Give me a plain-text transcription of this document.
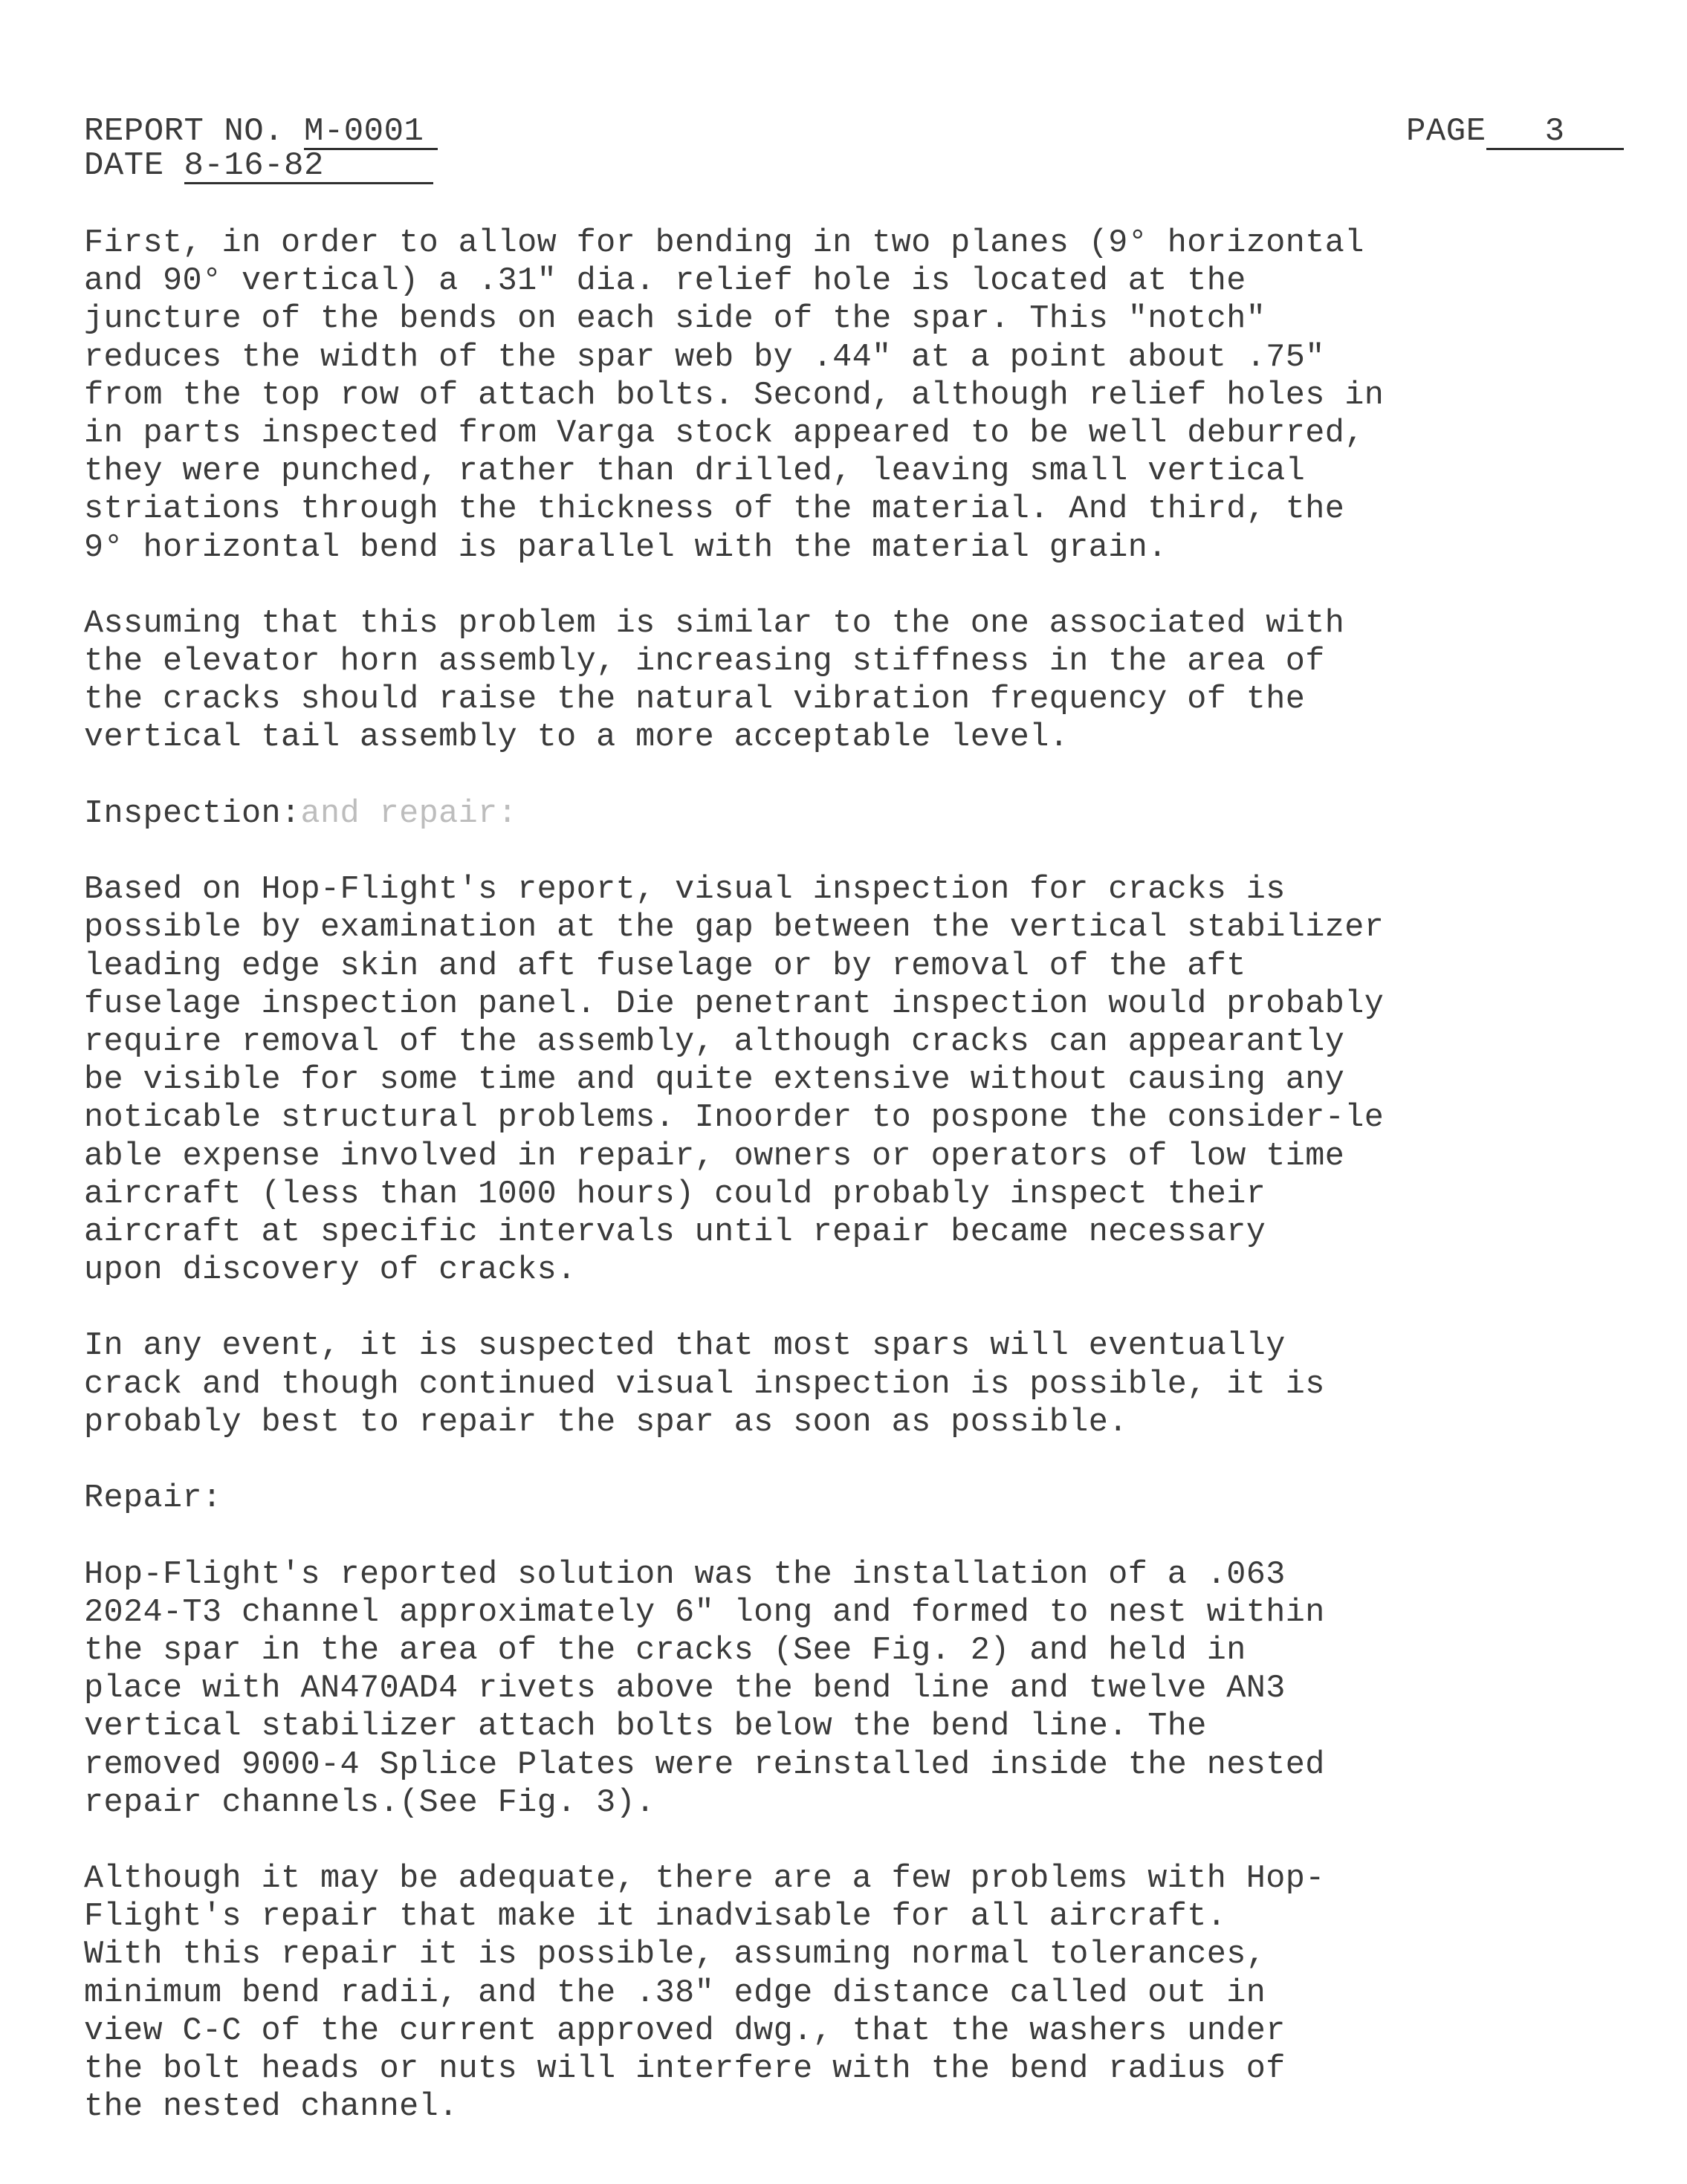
REPORT NO. M-0001
DATE 8-16-82
PAGE 3
First, in order to allow for bending in two planes (9° horizontal
and 90° vertical) a .31" dia. relief hole is located at the
juncture of the bends on each side of the spar. This "notch"
reduces the width of the spar web by .44" at a point about .75"
from the top row of attach bolts. Second, although relief holes in
in parts inspected from Varga stock appeared to be well deburred,
they were punched, rather than drilled, leaving small vertical
striations through the thickness of the material. And third, the
9° horizontal bend is parallel with the material grain.
Assuming that this problem is similar to the one associated with
the elevator horn assembly, increasing stiffness in the area of
the cracks should raise the natural vibration frequency of the
vertical tail assembly to a more acceptable level.
Inspection:and repair:
Based on Hop-Flight's report, visual inspection for cracks is
possible by examination at the gap between the vertical stabilizer
leading edge skin and aft fuselage or by removal of the aft
fuselage inspection panel. Die penetrant inspection would probably
require removal of the assembly, although cracks can appearantly
be visible for some time and quite extensive without causing any
noticable structural problems. Inoorder to pospone the consider-le
able expense involved in repair, owners or operators of low time
aircraft (less than 1000 hours) could probably inspect their
aircraft at specific intervals until repair became necessary
upon discovery of cracks.
In any event, it is suspected that most spars will eventually
crack and though continued visual inspection is possible, it is
probably best to repair the spar as soon as possible.
Repair:
Hop-Flight's reported solution was the installation of a .063
2024-T3 channel approximately 6" long and formed to nest within
the spar in the area of the cracks (See Fig. 2) and held in
place with AN470AD4 rivets above the bend line and twelve AN3
vertical stabilizer attach bolts below the bend line. The
removed 9000-4 Splice Plates were reinstalled inside the nested
repair channels.(See Fig. 3).
Although it may be adequate, there are a few problems with Hop-
Flight's repair that make it inadvisable for all aircraft.
With this repair it is possible, assuming normal tolerances,
minimum bend radii, and the .38" edge distance called out in
view C-C of the current approved dwg., that the washers under
the bolt heads or nuts will interfere with the bend radius of
the nested channel.
